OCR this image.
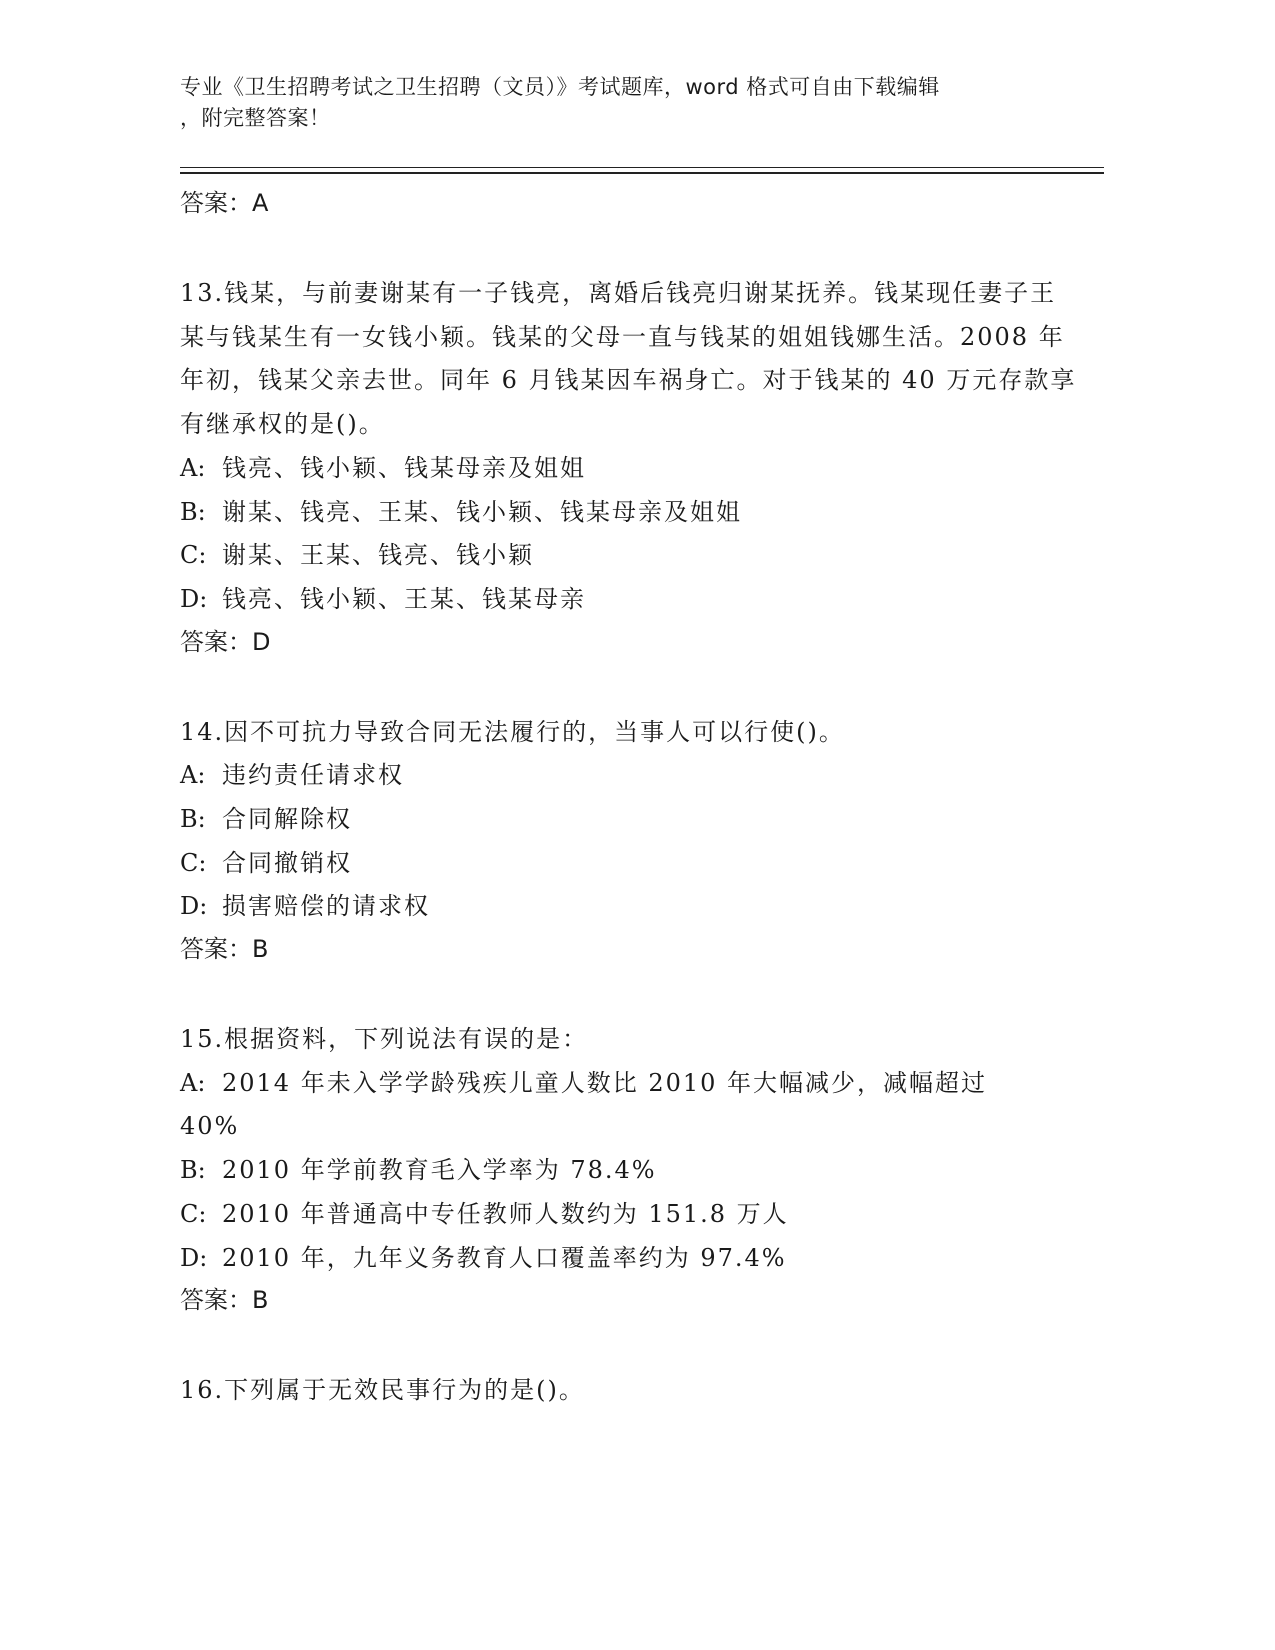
专业《卫生招聘考试之卫生招聘（文员）》考试题库，word 格式可自由下载编辑
，附完整答案！
答案：A

13.钱某，与前妻谢某有一子钱亮，离婚后钱亮归谢某抚养。钱某现任妻子王某与钱某生有一女钱小颖。钱某的父母一直与钱某的姐姐钱娜生活。2008 年年初，钱某父亲去世。同年 6 月钱某因车祸身亡。对于钱某的 40 万元存款享有继承权的是()。

A: 钱亮、钱小颖、钱某母亲及姐姐
B: 谢某、钱亮、王某、钱小颖、钱某母亲及姐姐
C: 谢某、王某、钱亮、钱小颖
D: 钱亮、钱小颖、王某、钱某母亲
答案：D

14.因不可抗力导致合同无法履行的，当事人可以行使()。

A: 违约责任请求权
B: 合同解除权
C: 合同撤销权
D: 损害赔偿的请求权
答案：B

15.根据资料，下列说法有误的是：

A: 2014 年未入学学龄残疾儿童人数比 2010 年大幅减少，减幅超过
40%
B: 2010 年学前教育毛入学率为 78.4%
C: 2010 年普通高中专任教师人数约为 151.8 万人
D: 2010 年，九年义务教育人口覆盖率约为 97.4%
答案：B

16.下列属于无效民事行为的是()。
